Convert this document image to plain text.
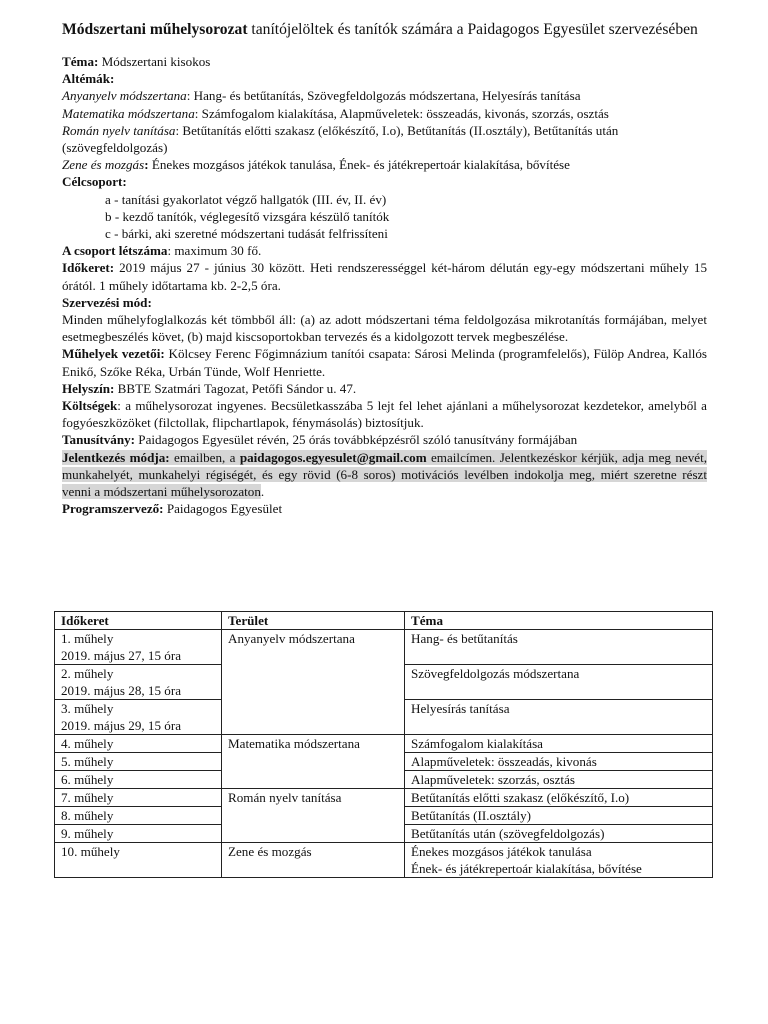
Módszertani műhelysorozat tanítójelöltek és tanítók számára a Paidagogos Egyesület szervezésében

Téma: Módszertani kisokos

Altémák:

Anyanyelv módszertana: Hang- és betűtanítás, Szövegfeldolgozás módszertana, Helyesírás tanítása

Matematika módszertana: Számfogalom kialakítása, Alapműveletek: összeadás, kivonás, szorzás, osztás

Román nyelv tanítása: Betűtanítás előtti szakasz (előkészítő, I.o), Betűtanítás (II.osztály), Betűtanítás után (szövegfeldolgozás)

Zene és mozgás: Énekes mozgásos játékok tanulása, Ének- és játékrepertoár kialakítása, bővítése

Célcsoport:

a - tanítási gyakorlatot végző hallgatók (III. év, II. év)

b - kezdő tanítók, véglegesítő vizsgára készülő tanítók

c - bárki, aki szeretné módszertani tudását felfrissíteni

A csoport létszáma: maximum 30 fő.

Időkeret: 2019 május 27 - június 30 között. Heti rendszerességgel két-három délután egy-egy módszertani műhely 15 órától. 1 műhely időtartama kb. 2-2,5 óra.

Szervezési mód:

Minden műhelyfoglalkozás két tömbből áll: (a) az adott módszertani téma feldolgozása mikrotanítás formájában, melyet esetmegbeszélés követ, (b) majd kiscsoportokban tervezés és a kidolgozott tervek megbeszélése.

Műhelyek vezetői: Kölcsey Ferenc Főgimnázium tanítói csapata: Sárosi Melinda (programfelelős), Fülöp Andrea, Kallós Enikő, Szőke Réka, Urbán Tünde, Wolf Henriette.

Helyszín: BBTE Szatmári Tagozat, Petőfi Sándor u. 47.

Költségek: a műhelysorozat ingyenes. Becsületkasszába 5 lejt fel lehet ajánlani a műhelysorozat kezdetekor, amelyből a fogyóeszközöket (filctollak, flipchartlapok, fénymásolás) biztosítjuk.

Tanusítvány: Paidagogos Egyesület révén, 25 órás továbbképzésről szóló tanusítvány formájában

Jelentkezés módja: emailben, a paidagogos.egyesulet@gmail.com emailcímen. Jelentkezéskor kérjük, adja meg nevét, munkahelyét, munkahelyi régiségét, és egy rövid (6-8 soros) motivációs levélben indokolja meg, miért szeretne részt venni a módszertani műhelysorozaton.

Programszervező: Paidagogos Egyesület

Időkeret	Terület	Téma

1. műhely
2019. május 27, 15 óra	Anyanyelv módszertana	Hang- és betűtanítás

2. műhely
2019. május 28, 15 óra		Szövegfeldolgozás módszertana

3. műhely
2019. május 29, 15 óra		Helyesírás tanítása
4. műhely	Matematika módszertana	Számfogalom kialakítása
5. műhely		Alapműveletek: összeadás, kivonás
6. műhely		Alapműveletek: szorzás, osztás
7. műhely	Román nyelv tanítása	Betűtanítás előtti szakasz (előkészítő, I.o)
8. műhely		Betűtanítás (II.osztály)
9. műhely		Betűtanítás után (szövegfeldolgozás)
10. műhely	Zene és mozgás	Énekes mozgásos játékok tanulása
Ének- és játékrepertoár kialakítása, bővítése
